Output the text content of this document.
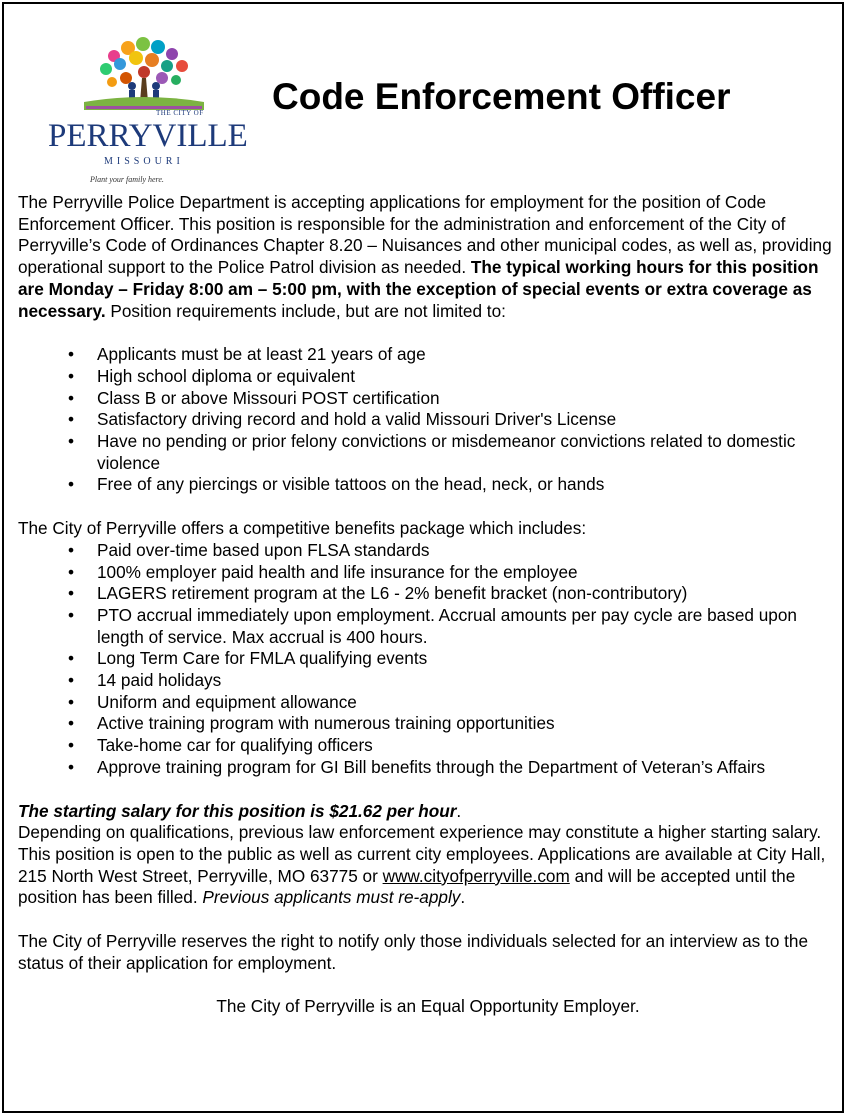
THE CITY OF
PERRYVILLE
MISSOURI
Plant your family here.
Code Enforcement Officer

The Perryville Police Department is accepting applications for employment for the position of Code Enforcement Officer. This position is responsible for the administration and enforcement of the City of Perryville’s Code of Ordinances Chapter 8.20 – Nuisances and other municipal codes, as well as, providing operational support to the Police Patrol division as needed. The typical working hours for this position are Monday – Friday 8:00 am – 5:00 pm, with the exception of special events or extra coverage as necessary. Position requirements include, but are not limited to:

• Applicants must be at least 21 years of age
• High school diploma or equivalent
• Class B or above Missouri POST certification
• Satisfactory driving record and hold a valid Missouri Driver's License
• Have no pending or prior felony convictions or misdemeanor convictions related to domestic violence
• Free of any piercings or visible tattoos on the head, neck, or hands

The City of Perryville offers a competitive benefits package which includes:

• Paid over-time based upon FLSA standards
• 100% employer paid health and life insurance for the employee
• LAGERS retirement program at the L6 - 2% benefit bracket (non-contributory)
• PTO accrual immediately upon employment. Accrual amounts per pay cycle are based upon length of service. Max accrual is 400 hours.
• Long Term Care for FMLA qualifying events
• 14 paid holidays
• Uniform and equipment allowance
• Active training program with numerous training opportunities
• Take-home car for qualifying officers
• Approve training program for GI Bill benefits through the Department of Veteran’s Affairs

The starting salary for this position is $21.62 per hour.
Depending on qualifications, previous law enforcement experience may constitute a higher starting salary. This position is open to the public as well as current city employees. Applications are available at City Hall, 215 North West Street, Perryville, MO 63775 or www.cityofperryville.com and will be accepted until the position has been filled. Previous applicants must re-apply.

The City of Perryville reserves the right to notify only those individuals selected for an interview as to the status of their application for employment.

The City of Perryville is an Equal Opportunity Employer.
